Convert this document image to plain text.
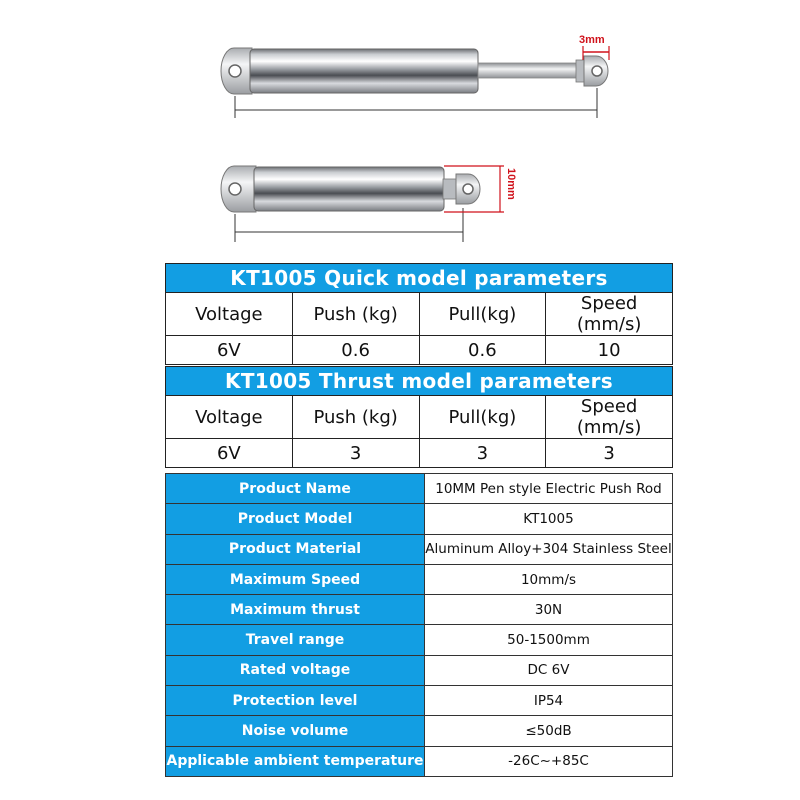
3mm
10mm
KT1005 Quick model parameters			
Voltage	Push (kg)	Pull(kg)	Speed (mm/s)
6V	0.6	0.6	10
KT1005 Thrust model parameters			
Voltage	Push (kg)	Pull(kg)	Speed (mm/s)
6V	3	3	3
Product Name	10MM Pen style Electric Push Rod
Product Model	KT1005
Product Material	Aluminum Alloy+304 Stainless Steel
Maximum Speed	10mm/s
Maximum thrust	30N
Travel range	50-1500mm
Rated voltage	DC 6V
Protection level	IP54
Noise volume	≤50dB
Applicable ambient temperature	-26C~+85C
